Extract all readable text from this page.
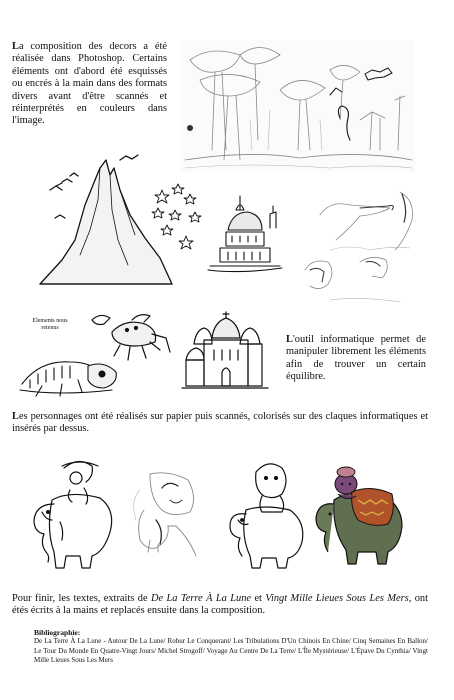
La composition des decors a été réalisée dans Photoshop. Certains éléments ont d'abord été esquissés ou encrés à la main dans des formats divers avant d'être scannés et réinterprétés en couleurs dans l'image.
Elements nous retenus
L'outil informatique permet de manipuler librement les éléments afin de trouver un certain équilibre.
Les personnages ont été réalisés sur papier puis scannés, colorisés sur des claques informatiques et insérés par dessus.
Pour finir, les textes, extraits de De La Terre À La Lune et Vingt Mille Lieues Sous Les Mers, ont étés écrits à la mains et replacés ensuite dans la composition.
Bibliographie:
De La Terre À La Lune - Autour De La Lune/ Robur Le Conquerant/ Les Tribulations D'Un Chinois En Chine/ Cinq Semaines En Ballon/ Le Tour Du Monde En Quatre-Vingt Jours/ Michel Strogoff/ Voyage Au Centre De La Terre/ L'Île Mystérieuse/ L'Épave Du Cynthia/ Vingt Mille Lieues Sous Les Mers
